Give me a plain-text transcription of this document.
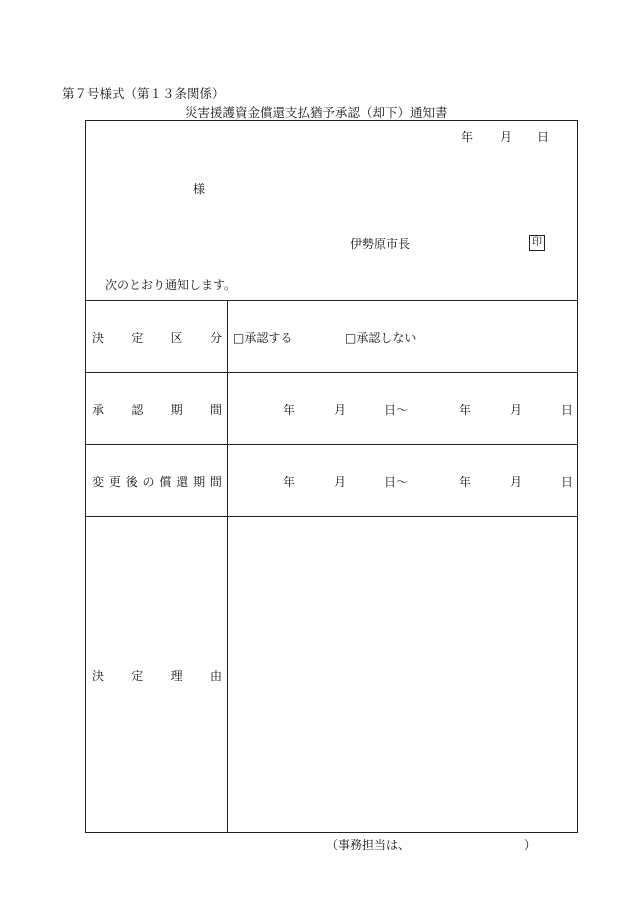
第７号様式（第１３条関係）
災害援護資金償還支払猶予承認（却下）通知書
年 月 日
様
伊勢原市長	印
次のとおり通知します。
決 定 区 分 □承認する	□承認しない
承 認 期 間	年	月	日〜	年	月	日
変 更 後 の 償 還 期 間	年	月	日〜	年	月	日
決 定 理 由
（事務担当は、	）
